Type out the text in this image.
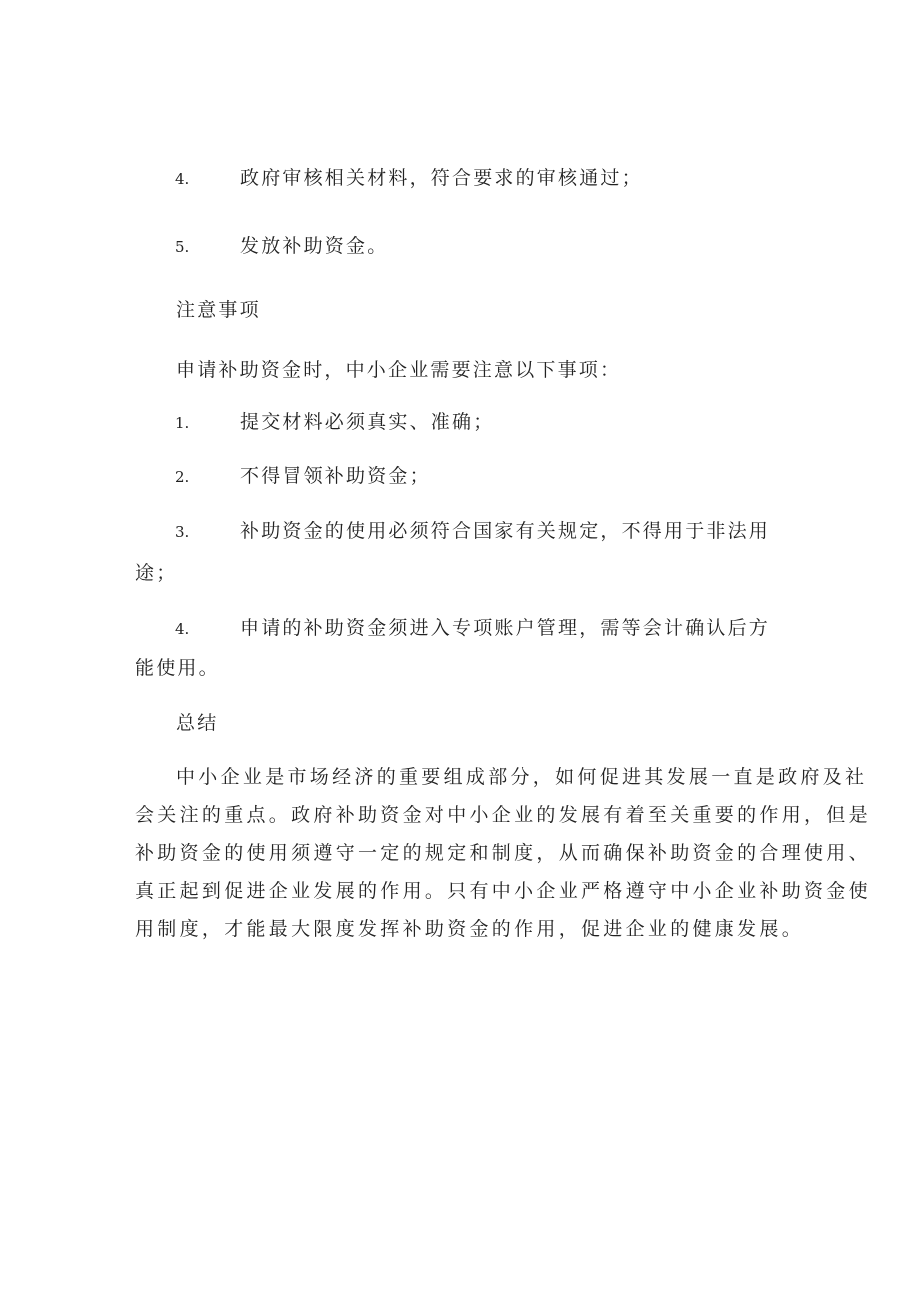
4.	政府审核相关材料，符合要求的审核通过；
5.	发放补助资金。
注意事项
申请补助资金时，中小企业需要注意以下事项：
1.	提交材料必须真实、准确；
2.	不得冒领补助资金；
3.	补助资金的使用必须符合国家有关规定，不得用于非法用
途；
4.	申请的补助资金须进入专项账户管理，需等会计确认后方
能使用。
总结
中小企业是市场经济的重要组成部分，如何促进其发展一直是政府及社
会关注的重点。政府补助资金对中小企业的发展有着至关重要的作用，但是
补助资金的使用须遵守一定的规定和制度，从而确保补助资金的合理使用、
真正起到促进企业发展的作用。只有中小企业严格遵守中小企业补助资金使
用制度，才能最大限度发挥补助资金的作用，促进企业的健康发展。
